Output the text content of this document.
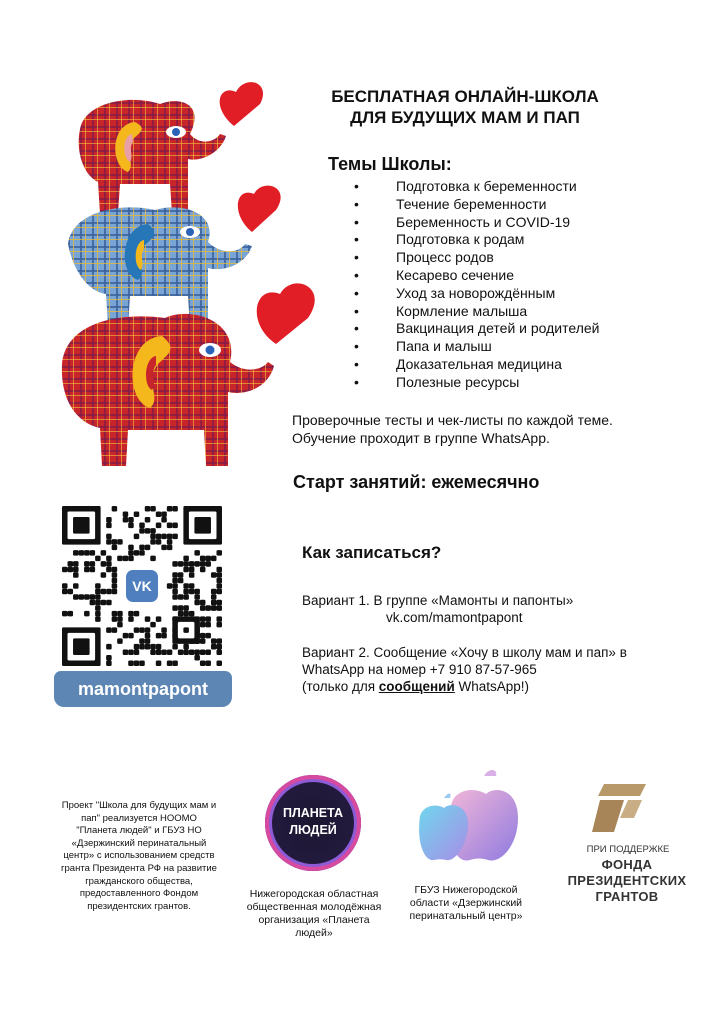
БЕСПЛАТНАЯ ОНЛАЙН-ШКОЛА
ДЛЯ БУДУЩИХ МАМ И ПАП
Темы Школы:
• Подготовка к беременности
• Течение беременности
• Беременность и COVID-19
• Подготовка к родам
• Процесс родов
• Кесарево сечение
• Уход за новорождённым
• Кормление малыша
• Вакцинация детей и родителей
• Папа и малыш
• Доказательная медицина
• Полезные ресурсы
Проверочные тесты и чек-листы по каждой теме.
Обучение проходит в группе WhatsApp.
Старт занятий: ежемесячно
Как записаться?
Вариант 1. В группе «Мамонты и папонты»
vk.com/mamontpapont
Вариант 2. Сообщение «Хочу в школу мам и пап» в
WhatsApp на номер +7 910 87-57-965
(только для сообщений WhatsApp!)
VK
mamontpapont
Проект "Школа для будущих мам и пап" реализуется НООМО "Планета людей" и ГБУЗ НО «Дзержинский перинатальный центр» с использованием средств гранта Президента РФ на развитие гражданского общества, предоставленного Фондом президентских грантов.
ПЛАНЕТА
ЛЮДЕЙ
Нижегородская областная общественная молодёжная организация «Планета людей»
ГБУЗ Нижегородской области «Дзержинский перинатальный центр»
ПРИ ПОДДЕРЖКЕ
ФОНДА
ПРЕЗИДЕНТСКИХ
ГРАНТОВ
